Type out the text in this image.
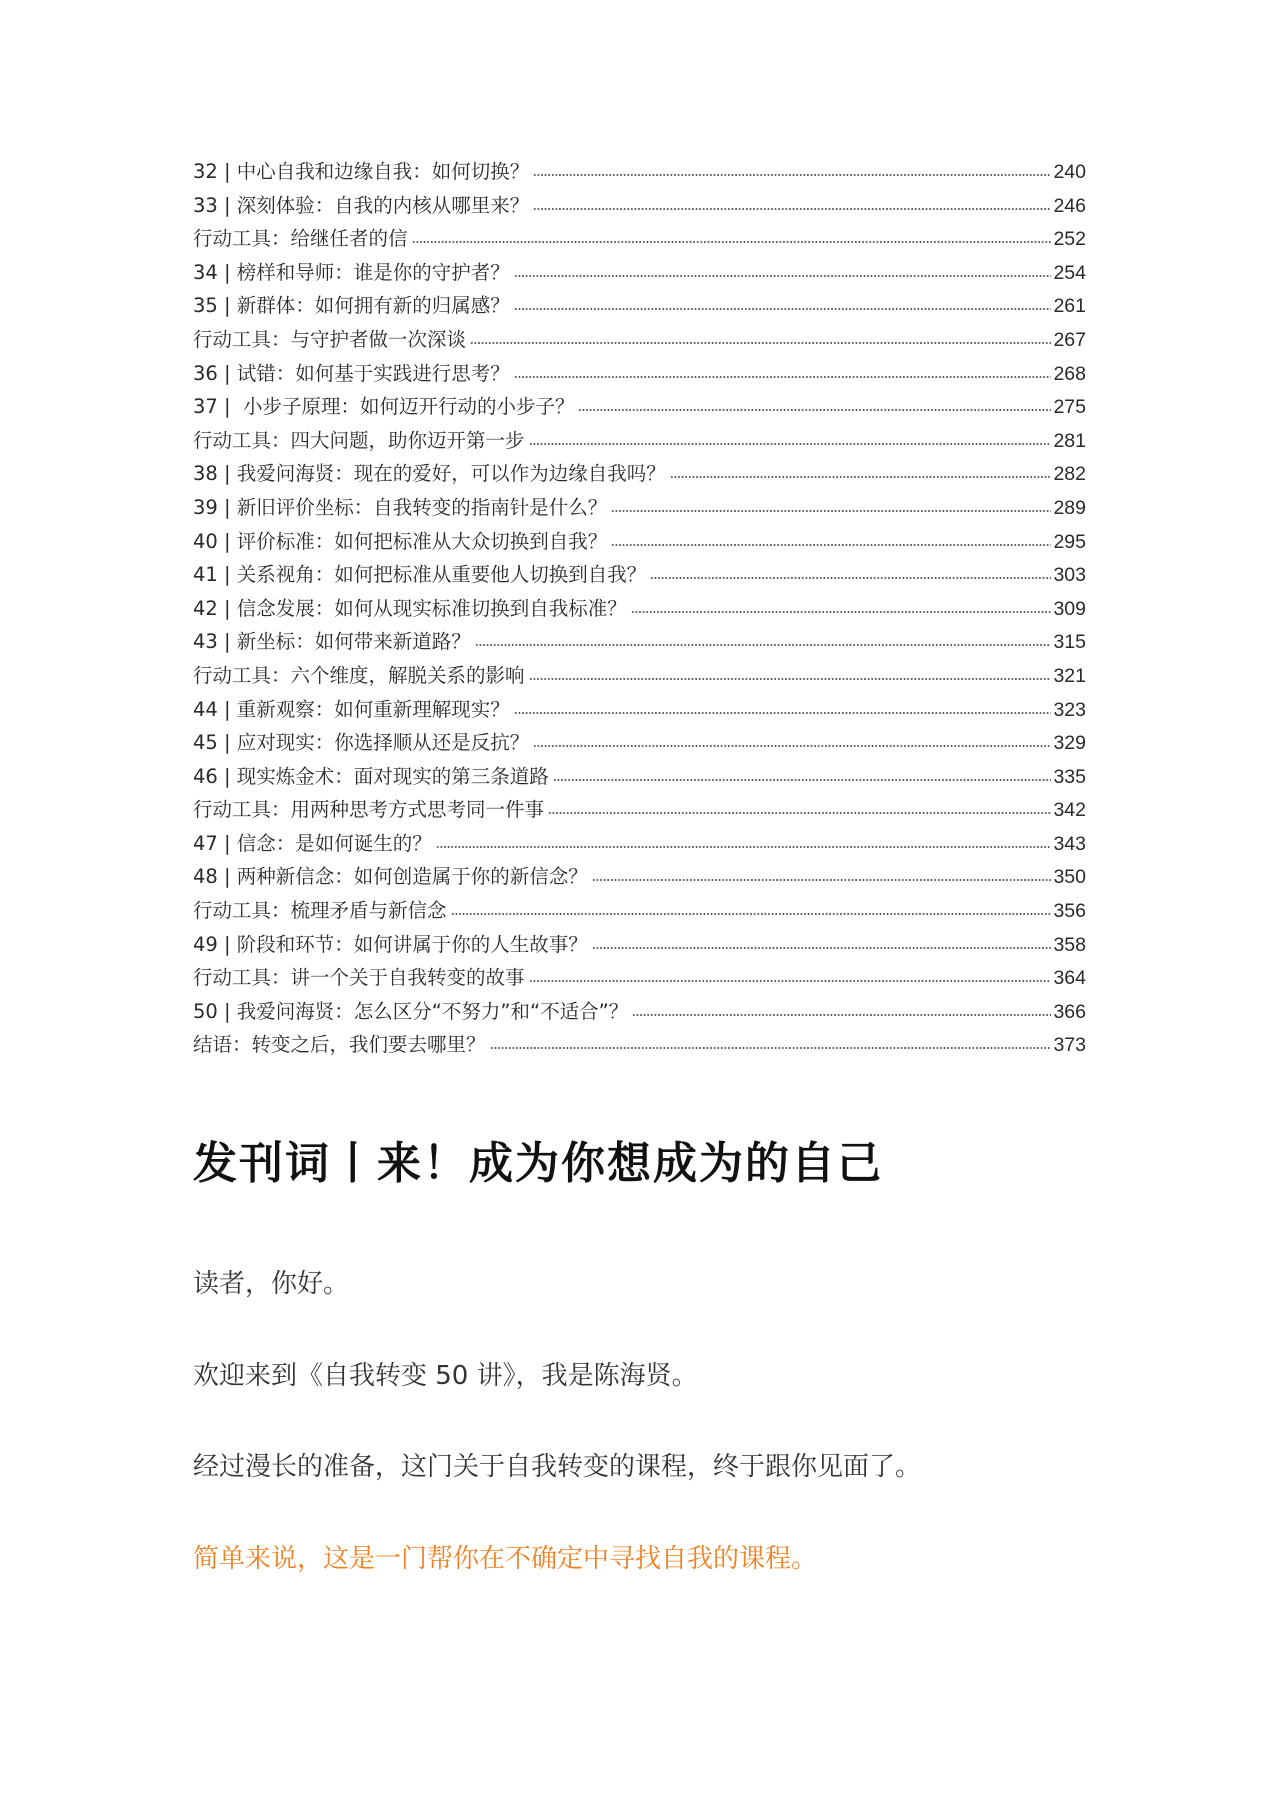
32 | 中心自我和边缘自我：如何切换？	240
33 | 深刻体验：自我的内核从哪里来？	246
行动工具：给继任者的信	252
34 | 榜样和导师：谁是你的守护者？	254
35 | 新群体：如何拥有新的归属感？	261
行动工具：与守护者做一次深谈	267
36 | 试错：如何基于实践进行思考？	268
37 |  小步子原理：如何迈开行动的小步子？	275
行动工具：四大问题，助你迈开第一步	281
38 | 我爱问海贤：现在的爱好，可以作为边缘自我吗？	282
39 | 新旧评价坐标：自我转变的指南针是什么？	289
40 | 评价标准：如何把标准从大众切换到自我？	295
41 | 关系视角：如何把标准从重要他人切换到自我？	303
42 | 信念发展：如何从现实标准切换到自我标准？	309
43 | 新坐标：如何带来新道路？	315
行动工具：六个维度，解脱关系的影响	321
44 | 重新观察：如何重新理解现实？	323
45 | 应对现实：你选择顺从还是反抗？	329
46 | 现实炼金术：面对现实的第三条道路	335
行动工具：用两种思考方式思考同一件事	342
47 | 信念：是如何诞生的？	343
48 | 两种新信念：如何创造属于你的新信念？	350
行动工具：梳理矛盾与新信念	356
49 | 阶段和环节：如何讲属于你的人生故事？	358
行动工具：讲一个关于自我转变的故事	364
50 | 我爱问海贤：怎么区分“不努力”和“不适合”？	366
结语：转变之后，我们要去哪里？	373
发刊词丨来！成为你想成为的自己
读者，你好。
欢迎来到《自我转变 50 讲》，我是陈海贤。
经过漫长的准备，这门关于自我转变的课程，终于跟你见面了。
简单来说，这是一门帮你在不确定中寻找自我的课程。
